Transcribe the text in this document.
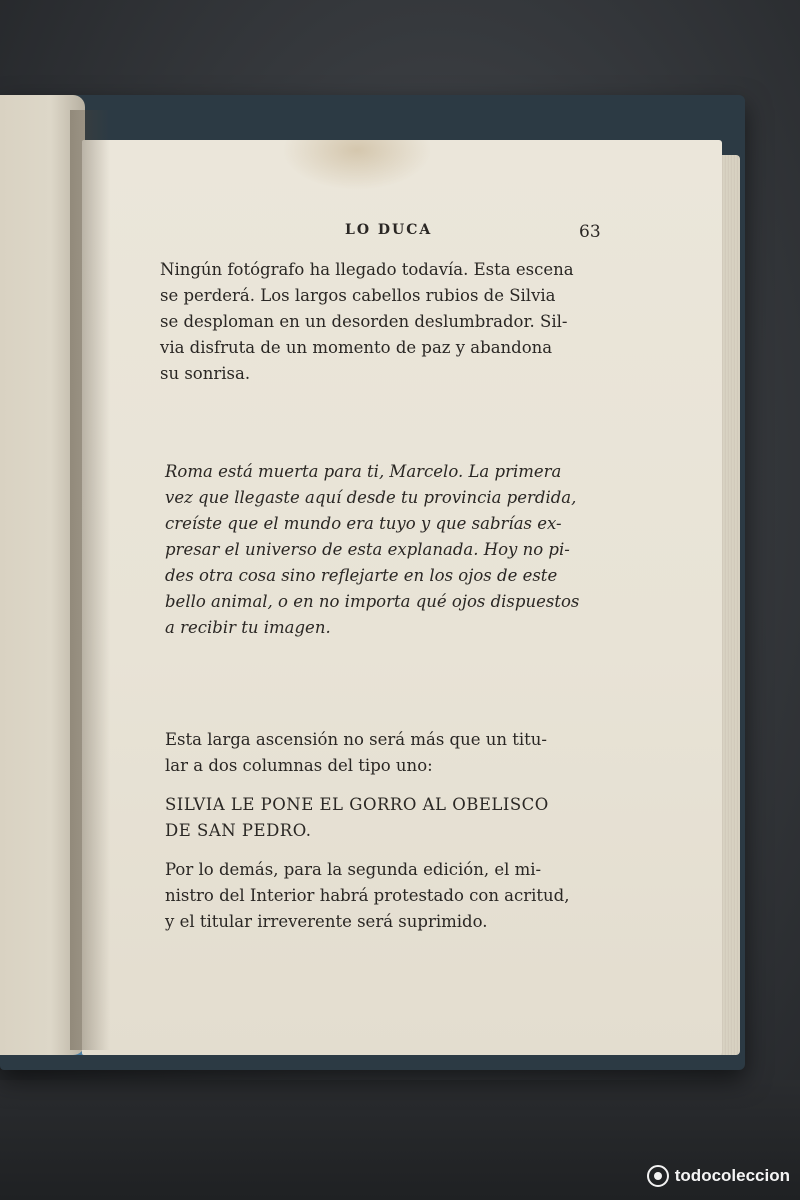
LO DUCA	63

Ningún fotógrafo ha llegado todavía. Esta escena
se perderá. Los largos cabellos rubios de Silvia
se desploman en un desorden deslumbrador. Sil-
via disfruta de un momento de paz y abandona
su sonrisa.

Roma está muerta para ti, Marcelo. La primera
vez que llegaste aquí desde tu provincia perdida,
creíste que el mundo era tuyo y que sabrías ex-
presar el universo de esta explanada. Hoy no pi-
des otra cosa sino reflejarte en los ojos de este
bello animal, o en no importa qué ojos dispuestos
a recibir tu imagen.

Esta larga ascensión no será más que un titu-
lar a dos columnas del tipo uno:

SILVIA LE PONE EL GORRO AL OBELISCO
DE SAN PEDRO.

Por lo demás, para la segunda edición, el mi-
nistro del Interior habrá protestado con acritud,
y el titular irreverente será suprimido.

todocoleccion
